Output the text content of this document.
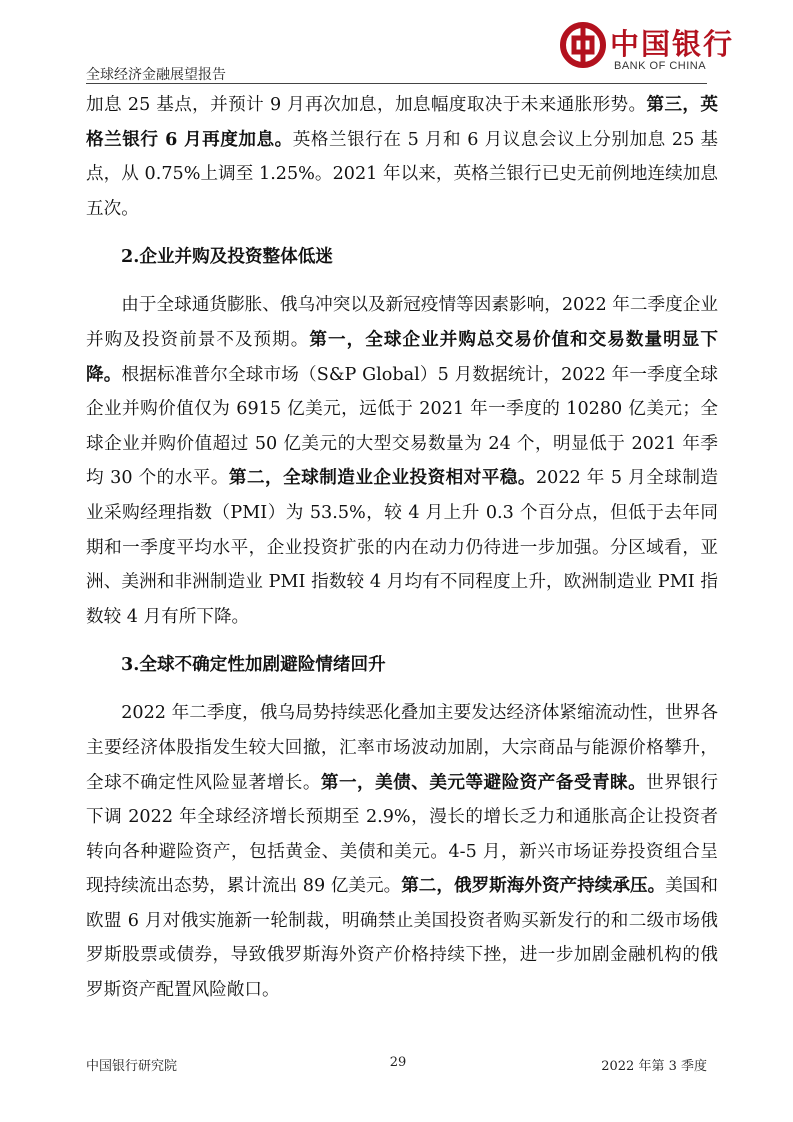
全球经济金融展望报告
中国银行
BANK OF CHINA

加息 25 基点，并预计 9 月再次加息，加息幅度取决于未来通胀形势。第三，英格兰银行 6 月再度加息。英格兰银行在 5 月和 6 月议息会议上分别加息 25 基点，从 0.75%上调至 1.25%。2021 年以来，英格兰银行已史无前例地连续加息五次。

2.企业并购及投资整体低迷

由于全球通货膨胀、俄乌冲突以及新冠疫情等因素影响，2022 年二季度企业并购及投资前景不及预期。第一，全球企业并购总交易价值和交易数量明显下降。根据标准普尔全球市场（S&P Global）5 月数据统计，2022 年一季度全球企业并购价值仅为 6915 亿美元，远低于 2021 年一季度的 10280 亿美元；全球企业并购价值超过 50 亿美元的大型交易数量为 24 个，明显低于 2021 年季均 30 个的水平。第二，全球制造业企业投资相对平稳。2022 年 5 月全球制造业采购经理指数（PMI）为 53.5%，较 4 月上升 0.3 个百分点，但低于去年同期和一季度平均水平，企业投资扩张的内在动力仍待进一步加强。分区域看，亚洲、美洲和非洲制造业 PMI 指数较 4 月均有不同程度上升，欧洲制造业 PMI 指数较 4 月有所下降。

3.全球不确定性加剧避险情绪回升

2022 年二季度，俄乌局势持续恶化叠加主要发达经济体紧缩流动性，世界各主要经济体股指发生较大回撤，汇率市场波动加剧，大宗商品与能源价格攀升，全球不确定性风险显著增长。第一，美债、美元等避险资产备受青睐。世界银行下调 2022 年全球经济增长预期至 2.9%，漫长的增长乏力和通胀高企让投资者转向各种避险资产，包括黄金、美债和美元。4-5 月，新兴市场证券投资组合呈现持续流出态势，累计流出 89 亿美元。第二，俄罗斯海外资产持续承压。美国和欧盟 6 月对俄实施新一轮制裁，明确禁止美国投资者购买新发行的和二级市场俄罗斯股票或债券，导致俄罗斯海外资产价格持续下挫，进一步加剧金融机构的俄罗斯资产配置风险敞口。

中国银行研究院	29	2022 年第 3 季度
